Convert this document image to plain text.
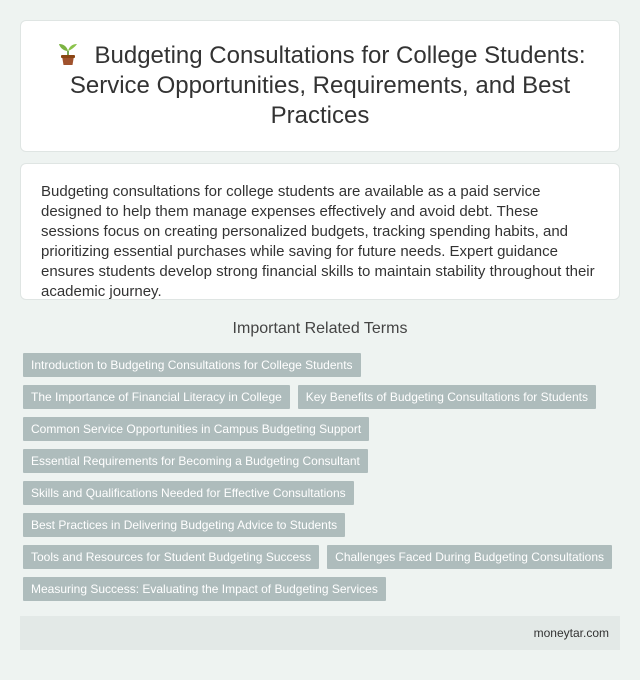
Budgeting Consultations for College Students: Service Opportunities, Requirements, and Best Practices

Budgeting consultations for college students are available as a paid service designed to help them manage expenses effectively and avoid debt. These sessions focus on creating personalized budgets, tracking spending habits, and prioritizing essential purchases while saving for future needs. Expert guidance ensures students develop strong financial skills to maintain stability throughout their academic journey.

Important Related Terms
Introduction to Budgeting Consultations for College Students
The Importance of Financial Literacy in College	Key Benefits of Budgeting Consultations for Students
Common Service Opportunities in Campus Budgeting Support
Essential Requirements for Becoming a Budgeting Consultant
Skills and Qualifications Needed for Effective Consultations
Best Practices in Delivering Budgeting Advice to Students
Tools and Resources for Student Budgeting Success	Challenges Faced During Budgeting Consultations
Measuring Success: Evaluating the Impact of Budgeting Services
moneytar.com
